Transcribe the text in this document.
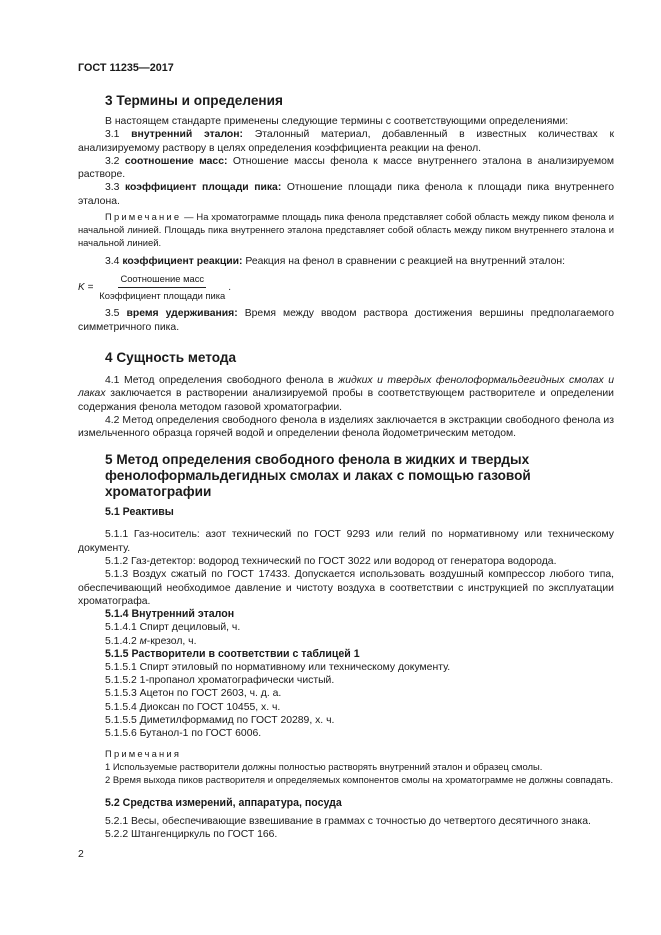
ГОСТ 11235—2017
3 Термины и определения
В настоящем стандарте применены следующие термины с соответствующими определениями:
3.1 внутренний эталон: Эталонный материал, добавленный в известных количествах к анализируемому раствору в целях определения коэффициента реакции на фенол.
3.2 соотношение масс: Отношение массы фенола к массе внутреннего эталона в анализируемом растворе.
3.3 коэффициент площади пика: Отношение площади пика фенола к площади пика внутреннего эталона.
Примечание — На хроматограмме площадь пика фенола представляет собой область между пиком фенола и начальной линией. Площадь пика внутреннего эталона представляет собой область между пиком внутреннего эталона и начальной линией.
3.4 коэффициент реакции: Реакция на фенол в сравнении с реакцией на внутренний эталон:
$K = \frac{\text{Соотношение масс}}{\text{Коэффициент площади пика}}$ .
3.5 время удерживания: Время между вводом раствора достижения вершины предполагаемого симметричного пика.
4 Сущность метода
4.1 Метод определения свободного фенола в жидких и твердых фенолоформальдегидных смолах и лаках заключается в растворении анализируемой пробы в соответствующем растворителе и определении содержания фенола методом газовой хроматографии.
4.2 Метод определения свободного фенола в изделиях заключается в экстракции свободного фенола из измельченного образца горячей водой и определении фенола йодометрическим методом.
5 Метод определения свободного фенола в жидких и твердых
фенолоформальдегидных смолах и лаках с помощью газовой
хроматографии
5.1 Реактивы
5.1.1 Газ-носитель: азот технический по ГОСТ 9293 или гелий по нормативному или техническому документу.
5.1.2 Газ-детектор: водород технический по ГОСТ 3022 или водород от генератора водорода.
5.1.3 Воздух сжатый по ГОСТ 17433. Допускается использовать воздушный компрессор любого типа, обеспечивающий необходимое давление и чистоту воздуха в соответствии с инструкцией по эксплуатации хроматографа.
5.1.4 Внутренний эталон
5.1.4.1 Спирт дециловый, ч.
5.1.4.2 м-крезол, ч.
5.1.5 Растворители в соответствии с таблицей 1
5.1.5.1 Спирт этиловый по нормативному или техническому документу.
5.1.5.2 1-пропанол хроматографически чистый.
5.1.5.3 Ацетон по ГОСТ 2603, ч. д. а.
5.1.5.4 Диоксан по ГОСТ 10455, х. ч.
5.1.5.5 Диметилформамид по ГОСТ 20289, х. ч.
5.1.5.6 Бутанол-1 по ГОСТ 6006.
Примечания
1 Используемые растворители должны полностью растворять внутренний эталон и образец смолы.
2 Время выхода пиков растворителя и определяемых компонентов смолы на хроматограмме не должны совпадать.
5.2 Средства измерений, аппаратура, посуда
5.2.1 Весы, обеспечивающие взвешивание в граммах с точностью до четвертого десятичного знака.
5.2.2 Штангенциркуль по ГОСТ 166.
2
